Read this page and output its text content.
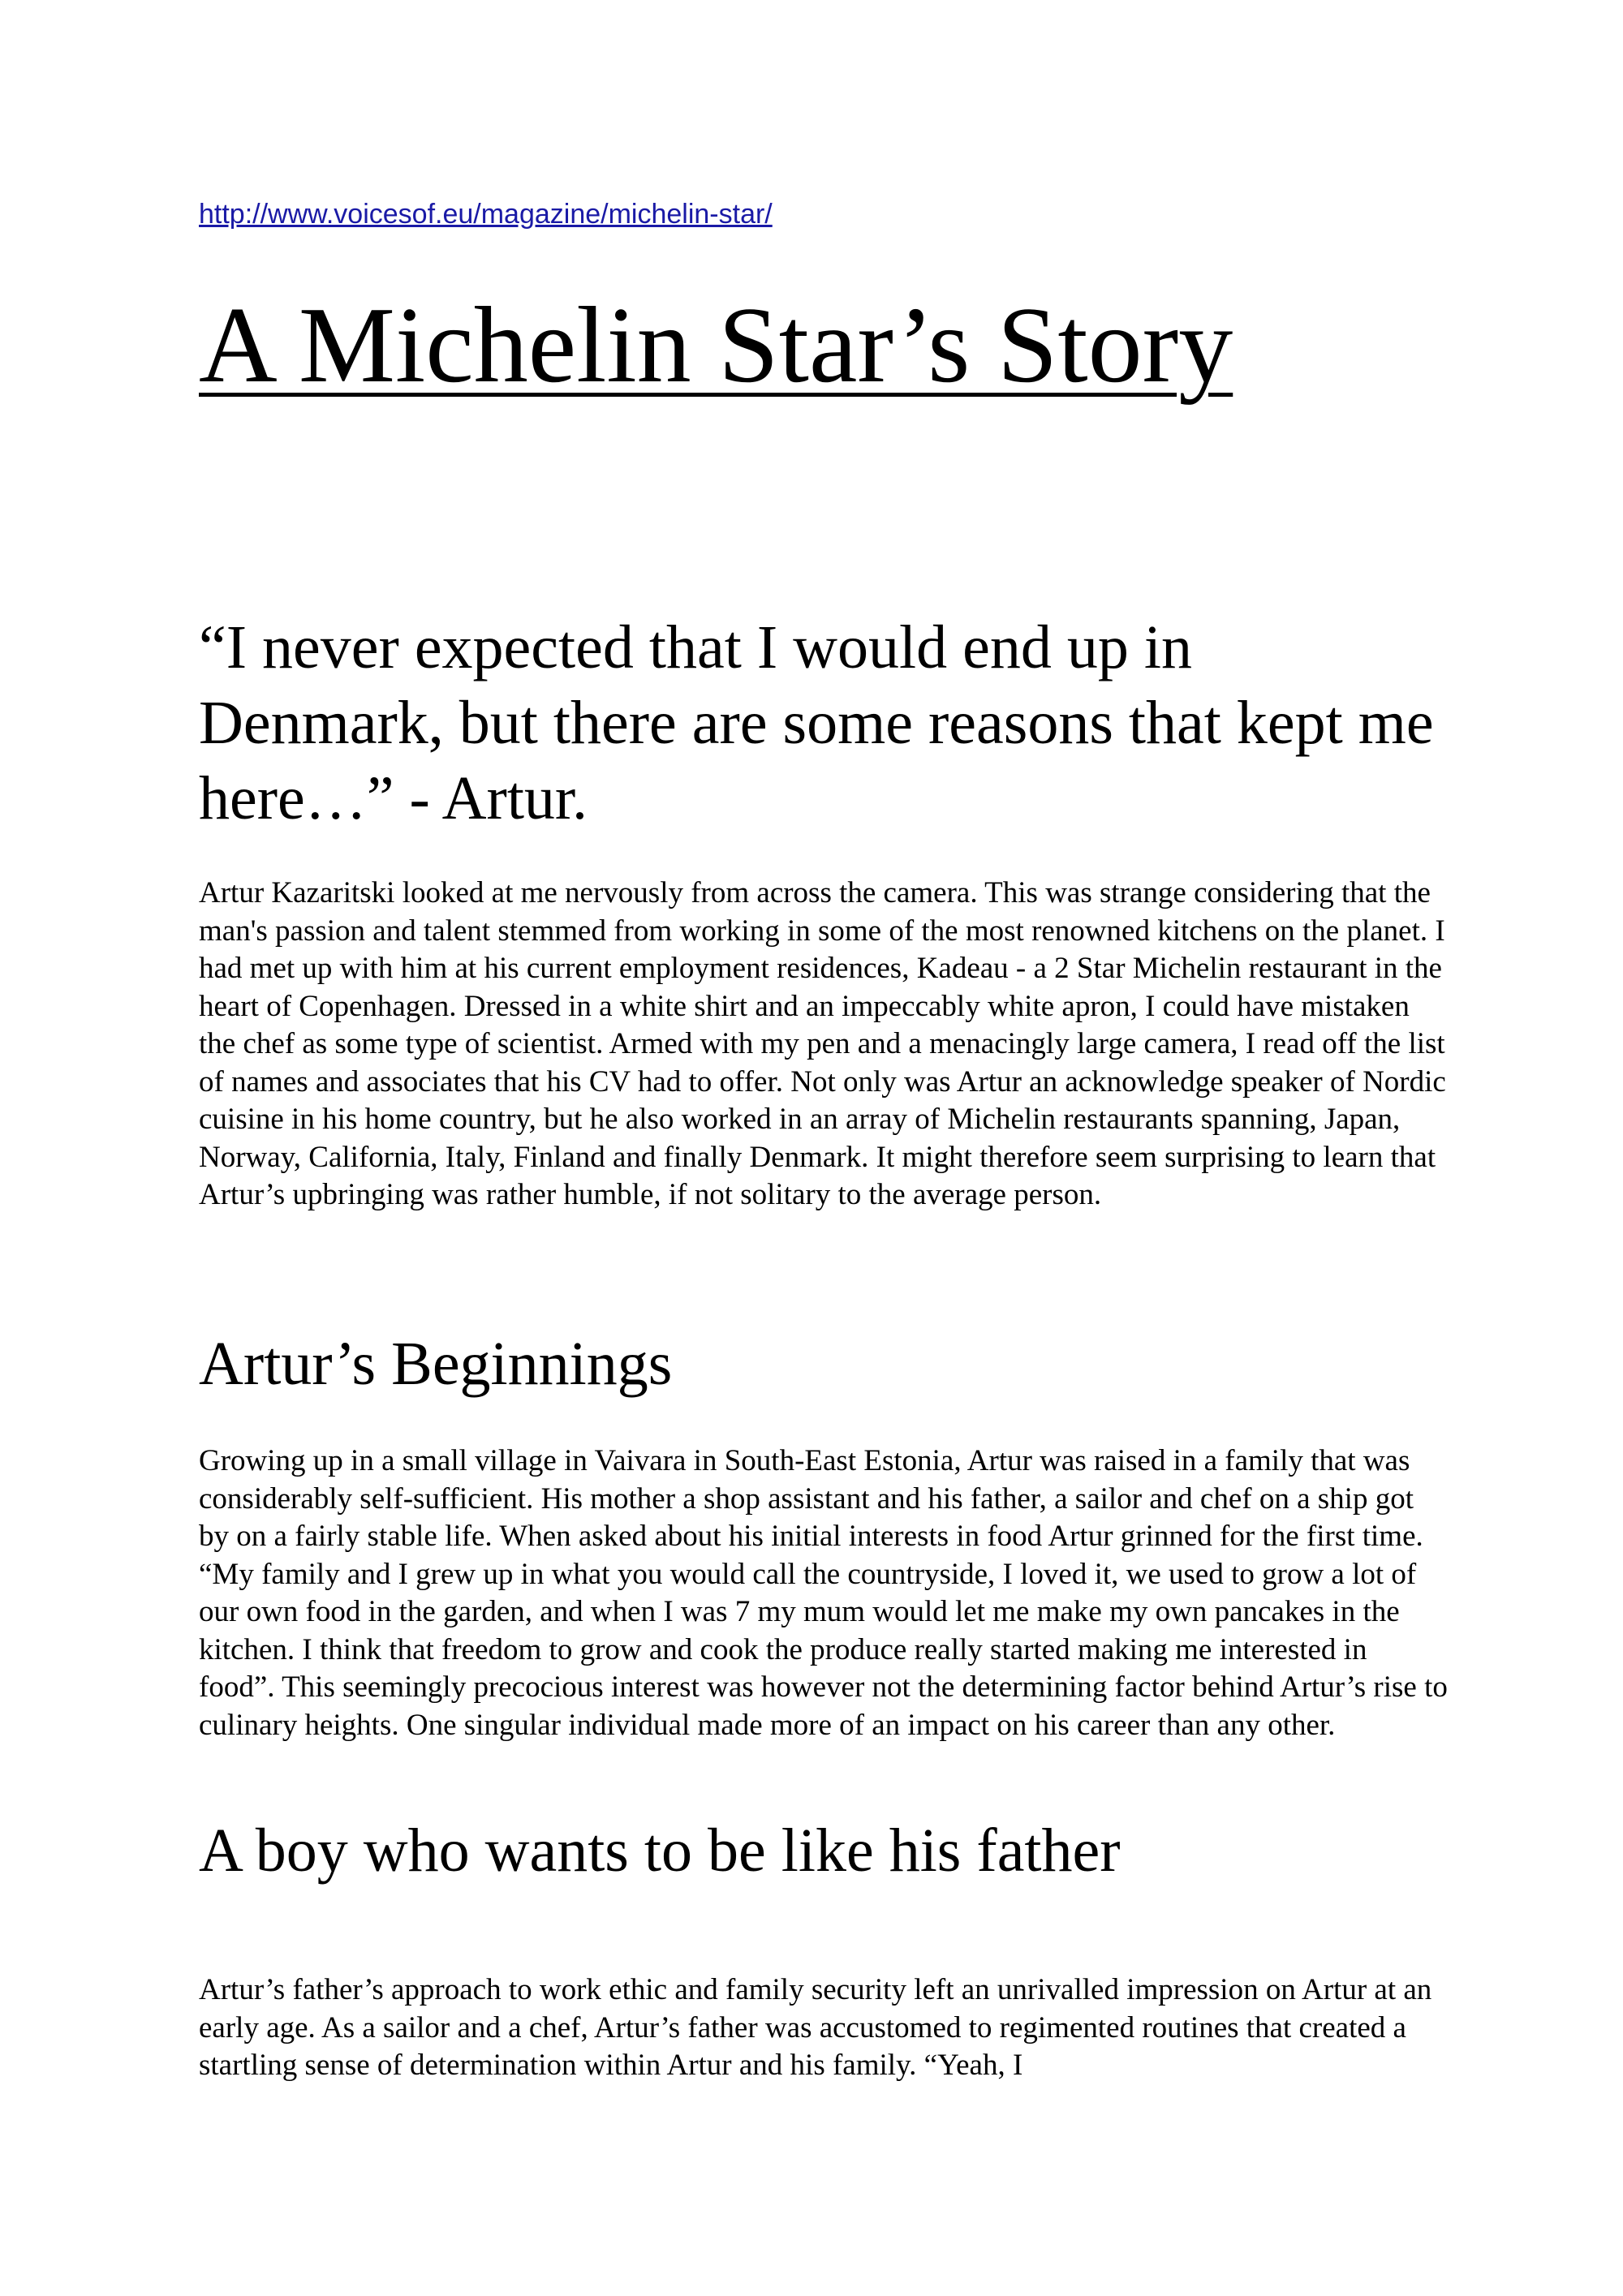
http://www.voicesof.eu/magazine/michelin-star/
A Michelin Star’s Story
“I never expected that I would end up in Denmark, but there are some reasons that kept me here…” - Artur.

Artur Kazaritski looked at me nervously from across the camera. This was strange considering that the man's passion and talent stemmed from working in some of the most renowned kitchens on the planet. I had met up with him at his current employment residences, Kadeau - a 2 Star Michelin restaurant in the heart of Copenhagen. Dressed in a white shirt and an impeccably white apron, I could have mistaken the chef as some type of scientist. Armed with my pen and a menacingly large camera, I read off the list of names and associates that his CV had to offer. Not only was Artur an acknowledge speaker of Nordic cuisine in his home country, but he also worked in an array of Michelin restaurants spanning, Japan, Norway, California, Italy, Finland and finally Denmark. It might therefore seem surprising to learn that Artur’s upbringing was rather humble, if not solitary to the average person.

Artur’s Beginnings

Growing up in a small village in Vaivara in South-East Estonia, Artur was raised in a family that was considerably self-sufficient. His mother a shop assistant and his father, a sailor and chef on a ship got by on a fairly stable life. When asked about his initial interests in food Artur grinned for the first time. “My family and I grew up in what you would call the countryside, I loved it, we used to grow a lot of our own food in the garden, and when I was 7 my mum would let me make my own pancakes in the kitchen. I think that freedom to grow and cook the produce really started making me interested in food”. This seemingly precocious interest was however not the determining factor behind Artur’s rise to culinary heights. One singular individual made more of an impact on his career than any other.

A boy who wants to be like his father

Artur’s father’s approach to work ethic and family security left an unrivalled impression on Artur at an early age. As a sailor and a chef, Artur’s father was accustomed to regimented routines that created a startling sense of determination within Artur and his family. “Yeah, I
